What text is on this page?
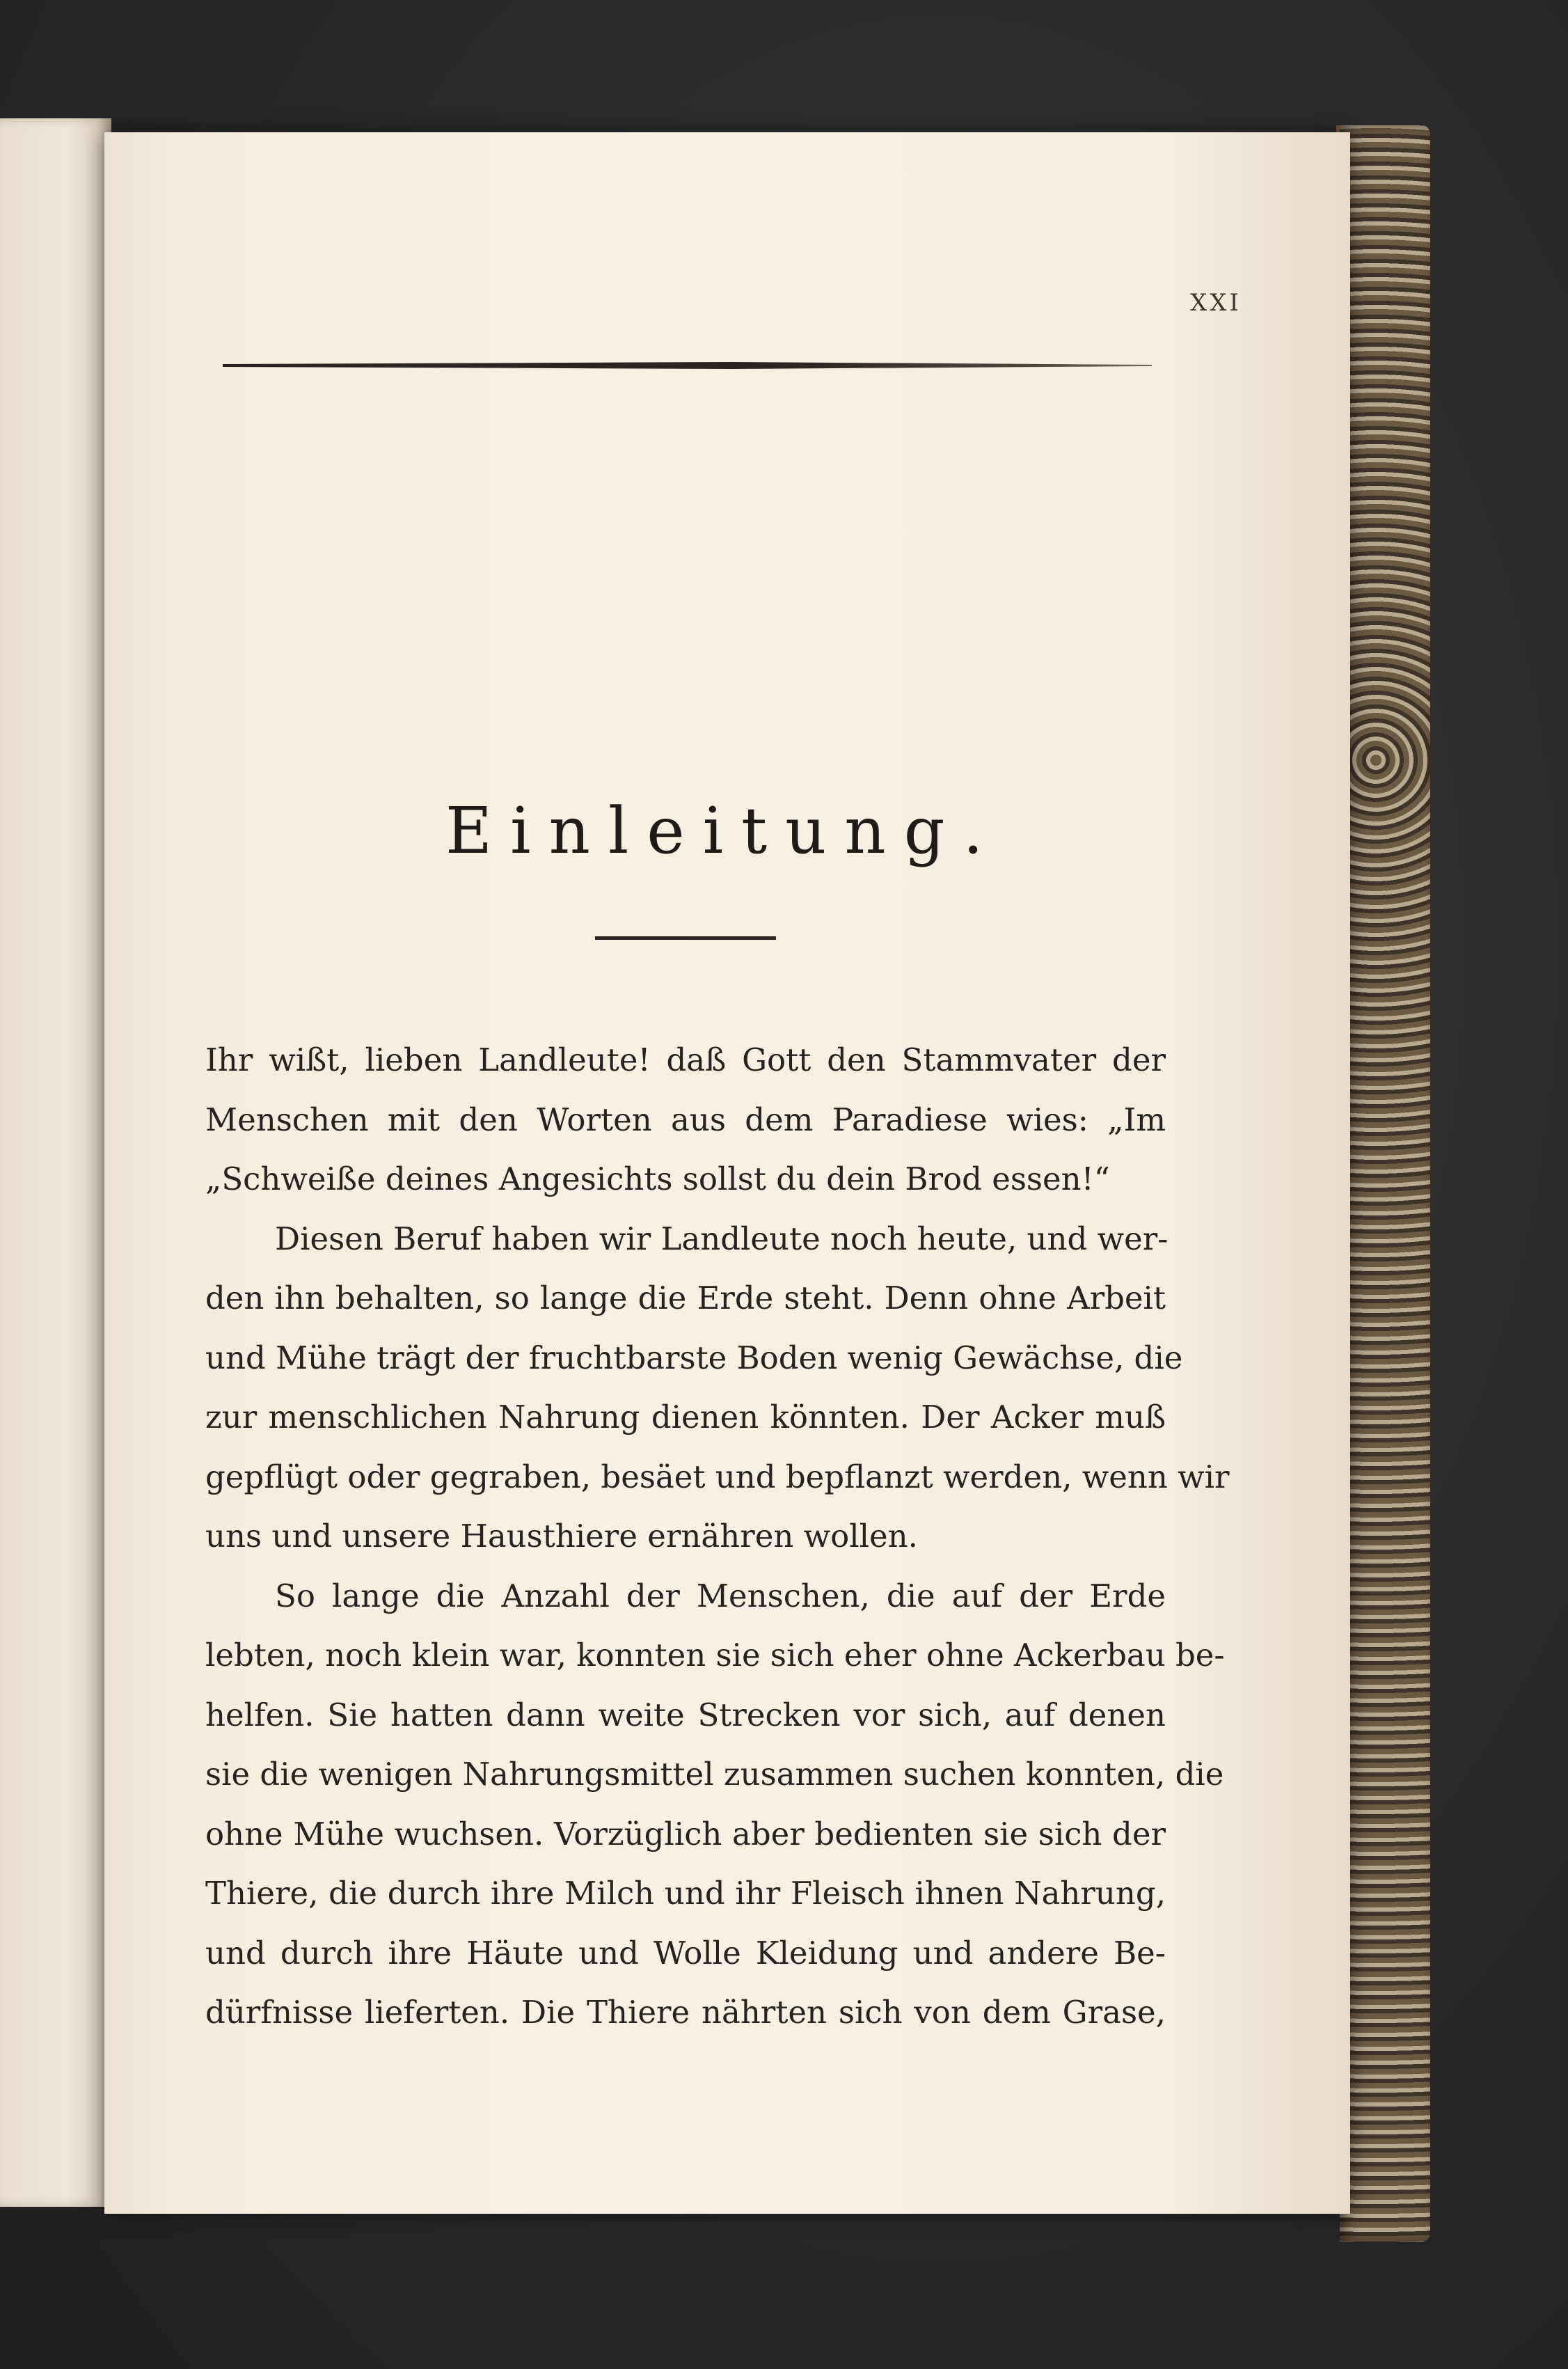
XXI
Einleitung.

Ihr wißt, lieben Landleute! daß Gott den Stammvater der
Menschen mit den Worten aus dem Paradiese wies: „Im
„Schweiße deines Angesichts sollst du dein Brod essen!“

Diesen Beruf haben wir Landleute noch heute, und wer-
den ihn behalten, so lange die Erde steht. Denn ohne Arbeit
und Mühe trägt der fruchtbarste Boden wenig Gewächse, die
zur menschlichen Nahrung dienen könnten. Der Acker muß
gepflügt oder gegraben, besäet und bepflanzt werden, wenn wir
uns und unsere Hausthiere ernähren wollen.

So lange die Anzahl der Menschen, die auf der Erde
lebten, noch klein war, konnten sie sich eher ohne Ackerbau be-
helfen. Sie hatten dann weite Strecken vor sich, auf denen
sie die wenigen Nahrungsmittel zusammen suchen konnten, die
ohne Mühe wuchsen. Vorzüglich aber bedienten sie sich der
Thiere, die durch ihre Milch und ihr Fleisch ihnen Nahrung,
und durch ihre Häute und Wolle Kleidung und andere Be-
dürfnisse lieferten. Die Thiere nährten sich von dem Grase,
